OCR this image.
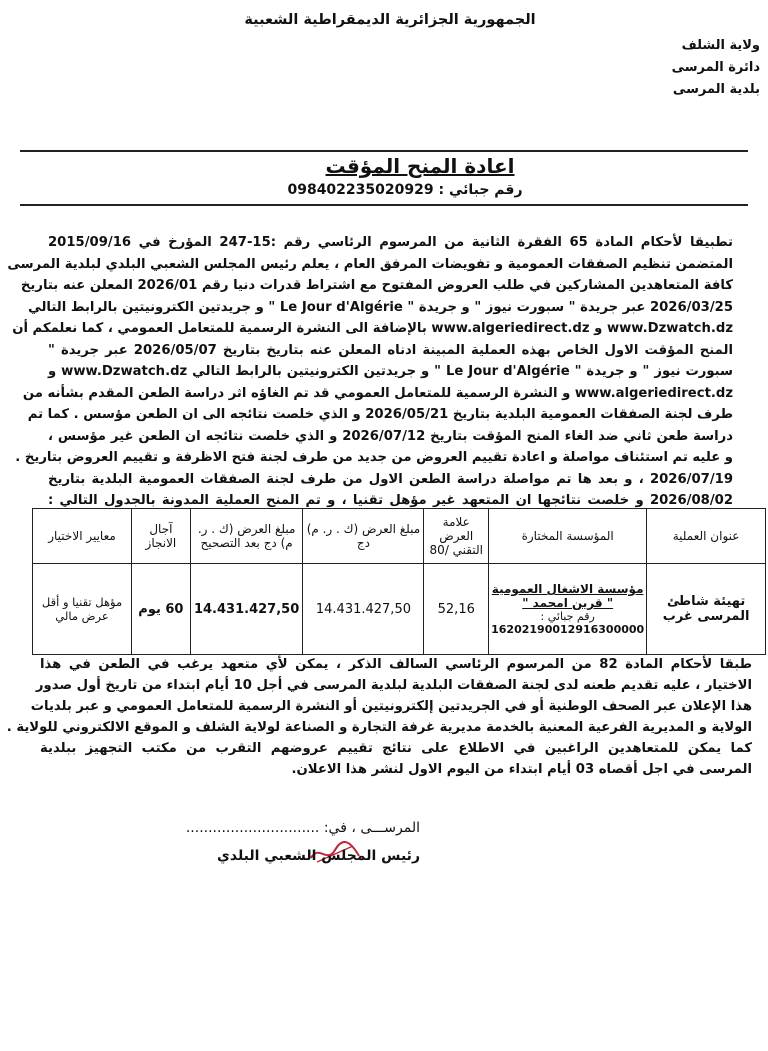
الجمهورية الجزائرية الديمقراطية الشعبية
ولاية الشلف
دائرة المرسى
بلدية المرسى
اعادة المنح المؤقت
رقم جبائي : 098402235020929
تطبيقا لأحكام المادة 65 الفقرة الثانية من المرسوم الرئاسي رقم :15-247 المؤرخ في 2015/09/16
المتضمن تنظيم الصفقات العمومية و تفويضات المرفق العام ، يعلم رئيس المجلس الشعبي البلدي لبلدية المرسى
كافة المتعاهدين المشاركين في طلب العروض المفتوح مع اشتراط قدرات دنيا رقم 2026/01 المعلن عنه بتاريخ
2026/03/25 عبر جريدة " سبورت نيوز " و جريدة " Le Jour d'Algérie " و جريدتين الكترونيتين بالرابط التالي
www.Dzwatch.dz و www.algeriedirect.dz بالإضافة الى النشرة الرسمية للمتعامل العمومي ، كما نعلمكم أن
المنح المؤقت الاول الخاص بهذه العملية المبينة ادناه المعلن عنه بتاريخ بتاريخ 2026/05/07 عبر جريدة "
سبورت نيوز " و جريدة " Le Jour d'Algérie " و جريدتين الكترونيتين بالرابط التالي www.Dzwatch.dz و
www.algeriedirect.dz و النشرة الرسمية للمتعامل العمومي قد تم الغاؤه اثر دراسة الطعن المقدم بشأنه من
طرف لجنة الصفقات العمومية البلدية بتاريخ 2026/05/21 و الذي خلصت نتائجه الى ان الطعن مؤسس . كما تم
دراسة طعن ثاني ضد الغاء المنح المؤقت بتاريخ 2026/07/12 و الذي خلصت نتائجه ان الطعن غير مؤسس ،
و عليه تم استئناف مواصلة و اعادة تقييم العروض من جديد من طرف لجنة فتح الاظرفة و تقييم العروض بتاريخ .
2026/07/19 ، و بعد ها تم مواصلة دراسة الطعن الاول من طرف لجنة الصفقات العمومية البلدية بتاريخ
2026/08/02 و خلصت نتائجها ان المتعهد غير مؤهل تقنيا ، و تم المنح العملية المدونة بالجدول التالي :
عنوان العملية	المؤسسة المختارة	علامة العرض التقني /80	مبلغ العرض (ك . ر. م) دج	مبلغ العرض (ك . ر. م) دج بعد التصحيح	آجال الانجاز	معايير الاختيار
تهيئة شاطئ المرسى غرب	مؤسسة الاشغال العمومية " قرين امحمد "
رقم جبائي :
16202190012916300000	52,16	14.431.427,50	14.431.427,50	60 يوم	مؤهل تقنيا و أقل عرض مالي
طبقا لأحكام المادة 82 من المرسوم الرئاسي السالف الذكر ، يمكن لأي متعهد يرغب في الطعن في هذا
الاختيار ، عليه تقديم طعنه لدى لجنة الصفقات البلدية لبلدية المرسى في أجل 10 أيام ابتداء من تاريخ أول صدور
هذا الإعلان عبر الصحف الوطنية أو في الجريدتين إلكترونيتين أو النشرة الرسمية للمتعامل العمومي و عبر بلديات
الولاية و المديرية الفرعية المعنية بالخدمة مديرية غرفة التجارة و الصناعة لولاية الشلف و الموقع الالكتروني للولاية .
كما يمكن للمتعاهدين الراغبين في الاطلاع على نتائج تقييم عروضهم التقرب من مكتب التجهيز ببلدية
المرسى في اجل أقصاه 03 أيام ابتداء من اليوم الاول لنشر هذا الاعلان.
المرســـى ، في: ..............................
رئيس المجلس الشعبي البلدي
